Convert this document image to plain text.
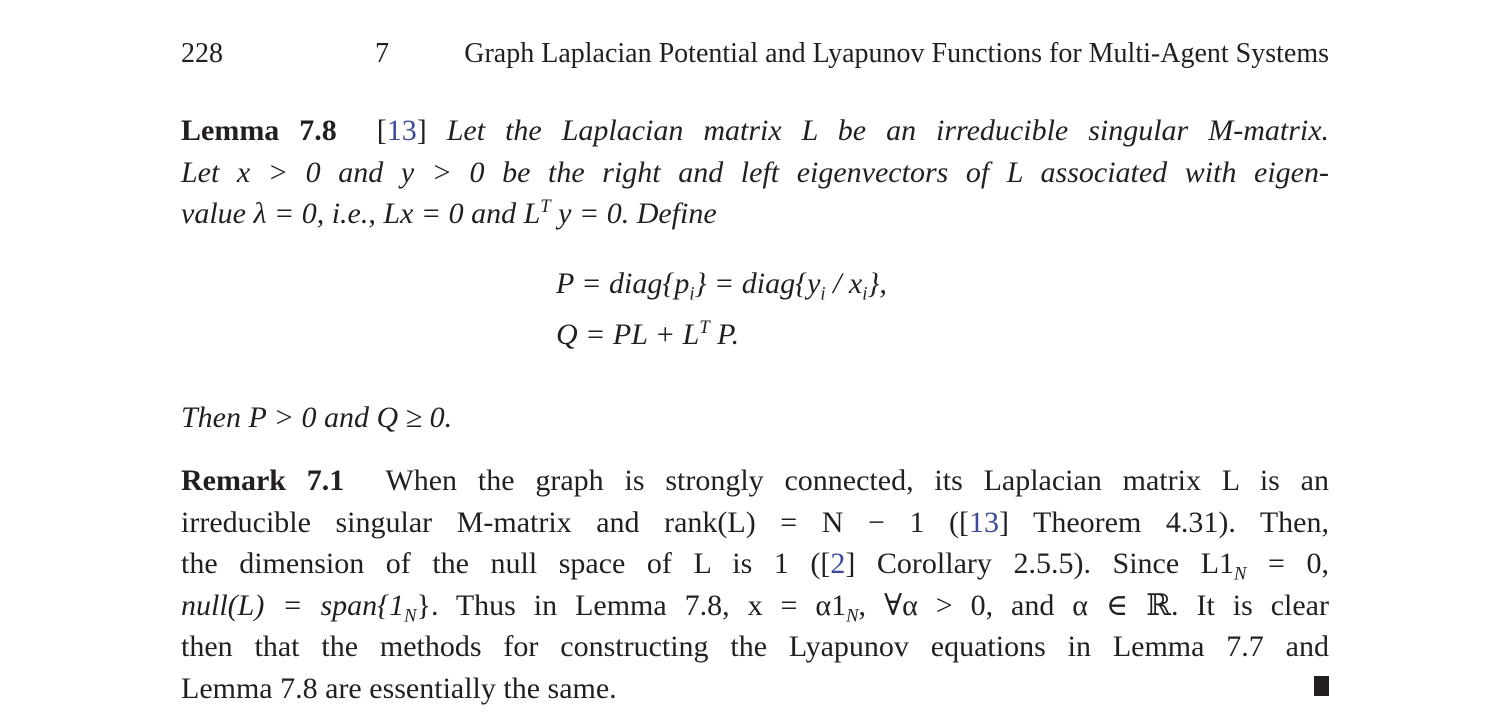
228	7	Graph Laplacian Potential and Lyapunov Functions for Multi-Agent Systems
Lemma 7.8 [13] Let the Laplacian matrix L be an irreducible singular M-matrix.
Let x > 0 and y > 0 be the right and left eigenvectors of L associated with eigen-
value λ = 0, i.e., Lx = 0 and $L^T$ y = 0. Define
$P = diag\{p_i\}$ = $diag\{y_i / x_i\}$,
Q = PL + $L^T$ P.
Then P > 0 and Q ≥ 0.
Remark 7.1 When the graph is strongly connected, its Laplacian matrix L is an
irreducible singular M-matrix and rank(L) = N − 1 ([13] Theorem 4.31). Then,
the dimension of the null space of L is 1 ([2] Corollary 2.5.5). Since $L1_N = 0$,
null(L) = $span\{1_N\}$. Thus in Lemma 7.8, $x = \alpha 1_N$, ∀α > 0, and α ∈ ℝ. It is clear
then that the methods for constructing the Lyapunov equations in Lemma 7.7 and
Lemma 7.8 are essentially the same.
